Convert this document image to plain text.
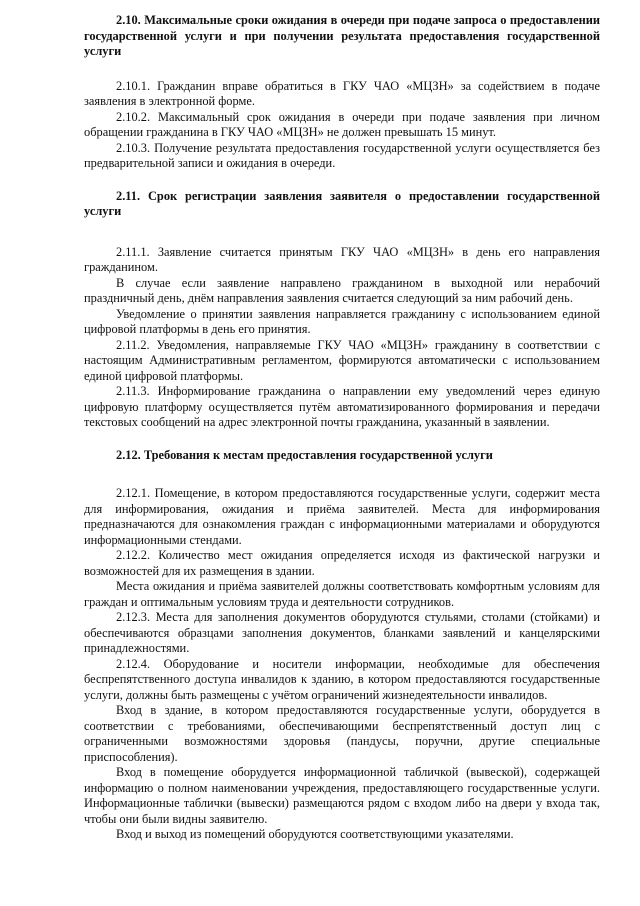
2.10. Максимальные сроки ожидания в очереди при подаче запроса о предоставлении государственной услуги и при получении результата предоставления государственной услуги

2.10.1. Гражданин вправе обратиться в ГКУ ЧАО «МЦЗН» за содействием в подаче заявления в электронной форме.

2.10.2. Максимальный срок ожидания в очереди при подаче заявления при личном обращении гражданина в ГКУ ЧАО «МЦЗН» не должен превышать 15 минут.

2.10.3. Получение результата предоставления государственной услуги осуществляется без предварительной записи и ожидания в очереди.

2.11. Срок регистрации заявления заявителя о предоставлении государственной услуги

2.11.1. Заявление считается принятым ГКУ ЧАО «МЦЗН» в день его направления гражданином.

В случае если заявление направлено гражданином в выходной или нерабочий праздничный день, днём направления заявления считается следующий за ним рабочий день.

Уведомление о принятии заявления направляется гражданину с использованием единой цифровой платформы в день его принятия.

2.11.2. Уведомления, направляемые ГКУ ЧАО «МЦЗН» гражданину в соответствии с настоящим Административным регламентом, формируются автоматически с использованием единой цифровой платформы.

2.11.3. Информирование гражданина о направлении ему уведомлений через единую цифровую платформу осуществляется путём автоматизированного формирования и передачи текстовых сообщений на адрес электронной почты гражданина, указанный в заявлении.

2.12. Требования к местам предоставления государственной услуги

2.12.1. Помещение, в котором предоставляются государственные услуги, содержит места для информирования, ожидания и приёма заявителей. Места для информирования предназначаются для ознакомления граждан с информационными материалами и оборудуются информационными стендами.

2.12.2. Количество мест ожидания определяется исходя из фактической нагрузки и возможностей для их размещения в здании.

Места ожидания и приёма заявителей должны соответствовать комфортным условиям для граждан и оптимальным условиям труда и деятельности сотрудников.

2.12.3. Места для заполнения документов оборудуются стульями, столами (стойками) и обеспечиваются образцами заполнения документов, бланками заявлений и канцелярскими принадлежностями.

2.12.4. Оборудование и носители информации, необходимые для обеспечения беспрепятственного доступа инвалидов к зданию, в котором предоставляются государственные услуги, должны быть размещены с учётом ограничений жизнедеятельности инвалидов.

Вход в здание, в котором предоставляются государственные услуги, оборудуется в соответствии с требованиями, обеспечивающими беспрепятственный доступ лиц с ограниченными возможностями здоровья (пандусы, поручни, другие специальные приспособления).

Вход в помещение оборудуется информационной табличкой (вывеской), содержащей информацию о полном наименовании учреждения, предоставляющего государственные услуги. Информационные таблички (вывески) размещаются рядом с входом либо на двери у входа так, чтобы они были видны заявителю.

Вход и выход из помещений оборудуются соответствующими указателями.
